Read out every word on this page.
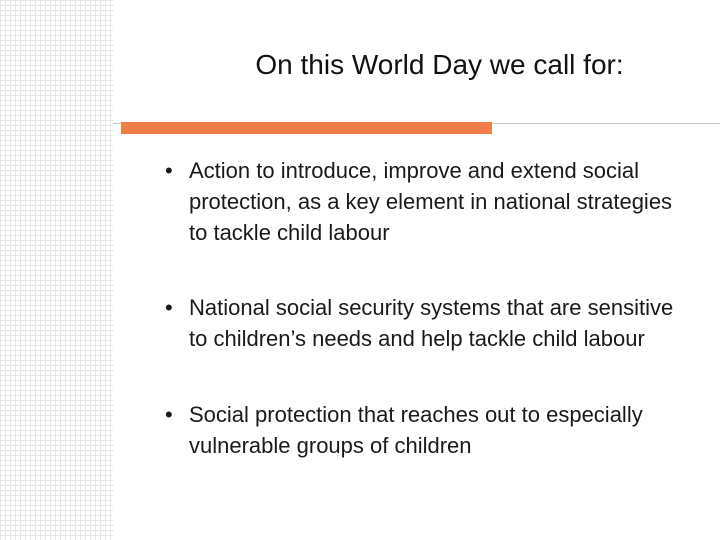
On this World Day we call for:
• Action to introduce, improve and extend social protection, as a key element in national strategies to tackle child labour
• National social security systems that are sensitive to children’s needs and help tackle child labour
• Social protection that reaches out to especially vulnerable groups of children
